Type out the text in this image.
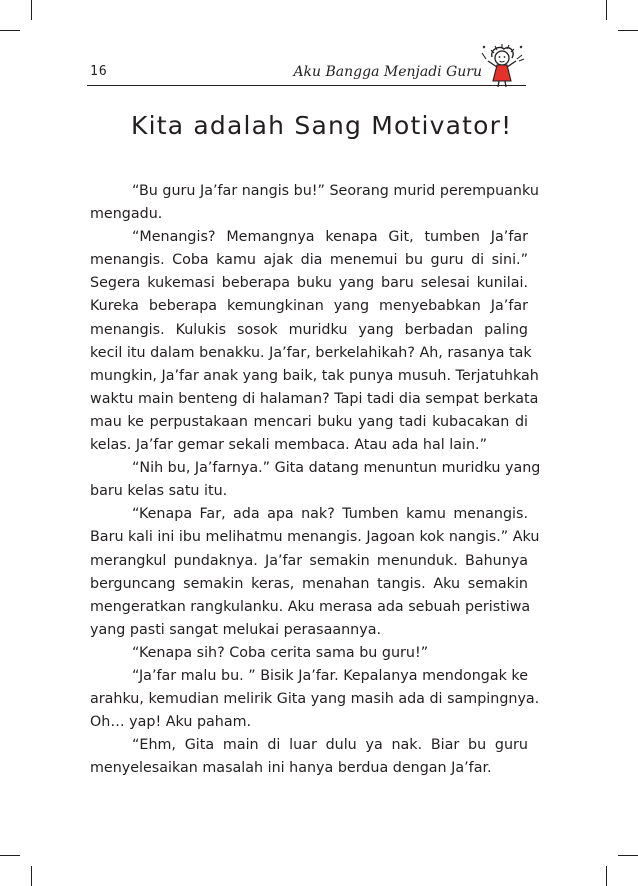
16	Aku Bangga Menjadi Guru
Kita adalah Sang Motivator!

“Bu guru Ja’far nangis bu!” Seorang murid perempuanku
mengadu.

“Menangis? Memangnya kenapa Git, tumben Ja’far
menangis. Coba kamu ajak dia menemui bu guru di sini.”
Segera kukemasi beberapa buku yang baru selesai kunilai.
Kureka beberapa kemungkinan yang menyebabkan Ja’far
menangis. Kulukis sosok muridku yang berbadan paling
kecil itu dalam benakku. Ja’far, berkelahikah? Ah, rasanya tak
mungkin, Ja’far anak yang baik, tak punya musuh. Terjatuhkah
waktu main benteng di halaman? Tapi tadi dia sempat berkata
mau ke perpustakaan mencari buku yang tadi kubacakan di
kelas. Ja’far gemar sekali membaca. Atau ada hal lain.”

“Nih bu, Ja’farnya.” Gita datang menuntun muridku yang
baru kelas satu itu.

“Kenapa Far, ada apa nak? Tumben kamu menangis.
Baru kali ini ibu melihatmu menangis. Jagoan kok nangis.” Aku
merangkul pundaknya. Ja’far semakin menunduk. Bahunya
berguncang semakin keras, menahan tangis. Aku semakin
mengeratkan rangkulanku. Aku merasa ada sebuah peristiwa
yang pasti sangat melukai perasaannya.

“Kenapa sih? Coba cerita sama bu guru!”

“Ja’far malu bu. ” Bisik Ja’far. Kepalanya mendongak ke
arahku, kemudian melirik Gita yang masih ada di sampingnya.
Oh… yap! Aku paham.

“Ehm, Gita main di luar dulu ya nak. Biar bu guru
menyelesaikan masalah ini hanya berdua dengan Ja’far.
